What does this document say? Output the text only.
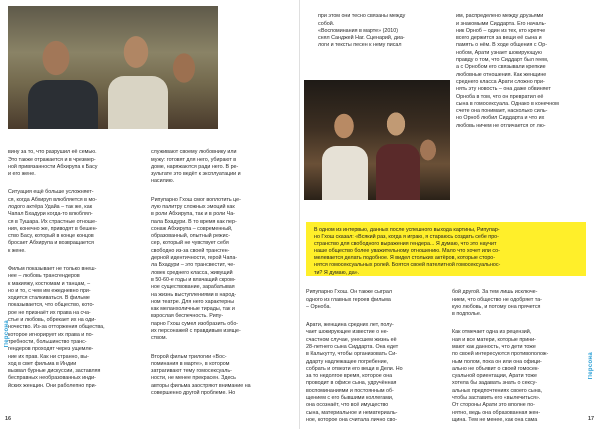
вину за то, что разрушил её семью.
Это также отражается и в чрезмер-
ной привязанности Абхирупа к Басу
и его жене.

Ситуация ещё больше усложняет-
ся, когда Абхируп влюбляется в мо-
лодого актёра Удайа – так же, как
Чапал Бхадури когда-то влюблял-
ся в Тушара. Их страстные отноше-
ния, конечно же, приводят в бешен-
ство Басу, который в конце концов
бросает Абхирупа и возвращается
к жене.

Фильм показывает не только внеш-
нее – любовь трансгендеров
к макияжу, костюмам и танцам, –
но и то, с чем им ежедневно при-
ходится сталкиваться. В фильме
показывается, что общество, кото-
рое не признаёт их права на сча-
стье и любовь, обрекает их на оди-
ночество. Из-за отторжения общества,
которое игнорирует их права и по-
требности, большинство транс-
гендеров проходят через ущемле-
ние их прав. Как ни странно, вы-
ход в свет фильма в Индии
вызвал бурные дискуссии, заставляя
бесправных необразованных инди-
йских женщин. Они раболепно при-

служивают своему любовнику или
мужу: готовят для него, убирают в
доме, наряжаются ради него. В ре-
зультате это ведёт к эксплуатации и
насилию.

Рипупарно Гхош смог воплотить це-
лую палитру сложных эмоций как
в роли Абхирупа, так и в роли Ча-
пала Бхадури. В то время как пер-
сонаж Абхирупа – современный,
образованный, опытный режис-
сер, который не чувствует себя
свободно из-за своей трансген-
дерной идентичности, герой Чапа-
ла Бхадури – это трансвестит, че-
ловек среднего класса, живущий
в 50-60-е годы и влачащий скром-
ное существование, зарабатывая
на жизнь выступлениями в народ-
ном театре. Для него характерны
как меланхоличные тирады, так и
взрослая беспечность. Рипу-
парно Гхош сумел изобразить обо-
их персонажей с правдивым изяще-
ством.

Второй фильм трилогии «Вос-
поминания в марте», в котором
затрагивают тему гомосексуаль-
ности, не менее прекрасен. Здесь
авторы фильма заостряют внимание на
совершенно другой проблеме. Но

Персона
16

при этом они тесно связаны между
собой.
«Воспоминания в марте» (2010)
снял Санджей Наг. Сценарий, диа-
логи и тексты песен к нему писал

им, распределено между друзьями
и знакомыми Сиддарта. Его началь-
ник Орноб – один из тех, кто крепче
всего держится за вещи её сына и
память о нём. В ходе общения с Ор-
нобом, Арати узнает шокирующую
правду о том, что Сиддарт был геем,
а с Орнобом его связывали крепкие
любовные отношения. Как женщине
среднего класса Арати сложно при-
нять эту новость – она даже обвиняет
Орноба в том, что он превратил её
сына в гомосексуала. Однако в конечном
счете она понимает, насколько силь-
но Орноб любил Сиддарта и что их
любовь ничем не отличается от лю-

В одном из интервью, данных после успешного выхода картины, Рипупар-
но Гхош сказал: «Всякий раз, когда я играю, я стараюсь создать себе про-
странство для свободного выражения гендера... Я думаю, что это научит
наше общество более уважительному отношению. Мало что хочет или со-
мелевается делать подобное. Я видел стольких актёров, которые стоpo-
нятся гомосексуальных ролей. Боятся своей пателитной гомосексуальнос-
ти? Я думаю, да».

Рипупарно Гхош. Он также сыграл
одного из главных героев фильма
– Орноба.

Арати, женщина средних лет, полу-
чает шокирующее известие о не-
счастном случае, унесшем жизнь её
28-летнего сына Сиддарта. Она едет
в Калькутту, чтобы организовать Си-
ддарту надлежащее погребение,
собрать и отвезти его вещи в Дели. Но
за то недолгое время, которое она
проводит в офисе сына, удручённая
воспоминаниями и постоянным об-
щением с его бывшими коллегами,
она осознаёт, что всё имущество
сына, материальное и нематериаль-
ное, которое она считала лично сво-

бой другой. За тем лишь исключе-
нием, что общество не одобряет та-
кую любовь, и потому она прячется
в подполье.

Как отмечает одна из рецензий,
ная и все матери, которые прини-
мают как данность, что дети тоже
по своей интересуются противополож-
ным полом, пока он или она офици-
ально не объявит о своей гомосек-
суальной ориентации, Арати тоже
хотела бы задавать знать о сексу-
альных предпочтениях своего сына,
чтобы заставить его «вылечиться».
От стороны Арати это вполне по-
нятно, ведь она образованная жен-
щина. Тем не менее, как она сама

Персона
17
